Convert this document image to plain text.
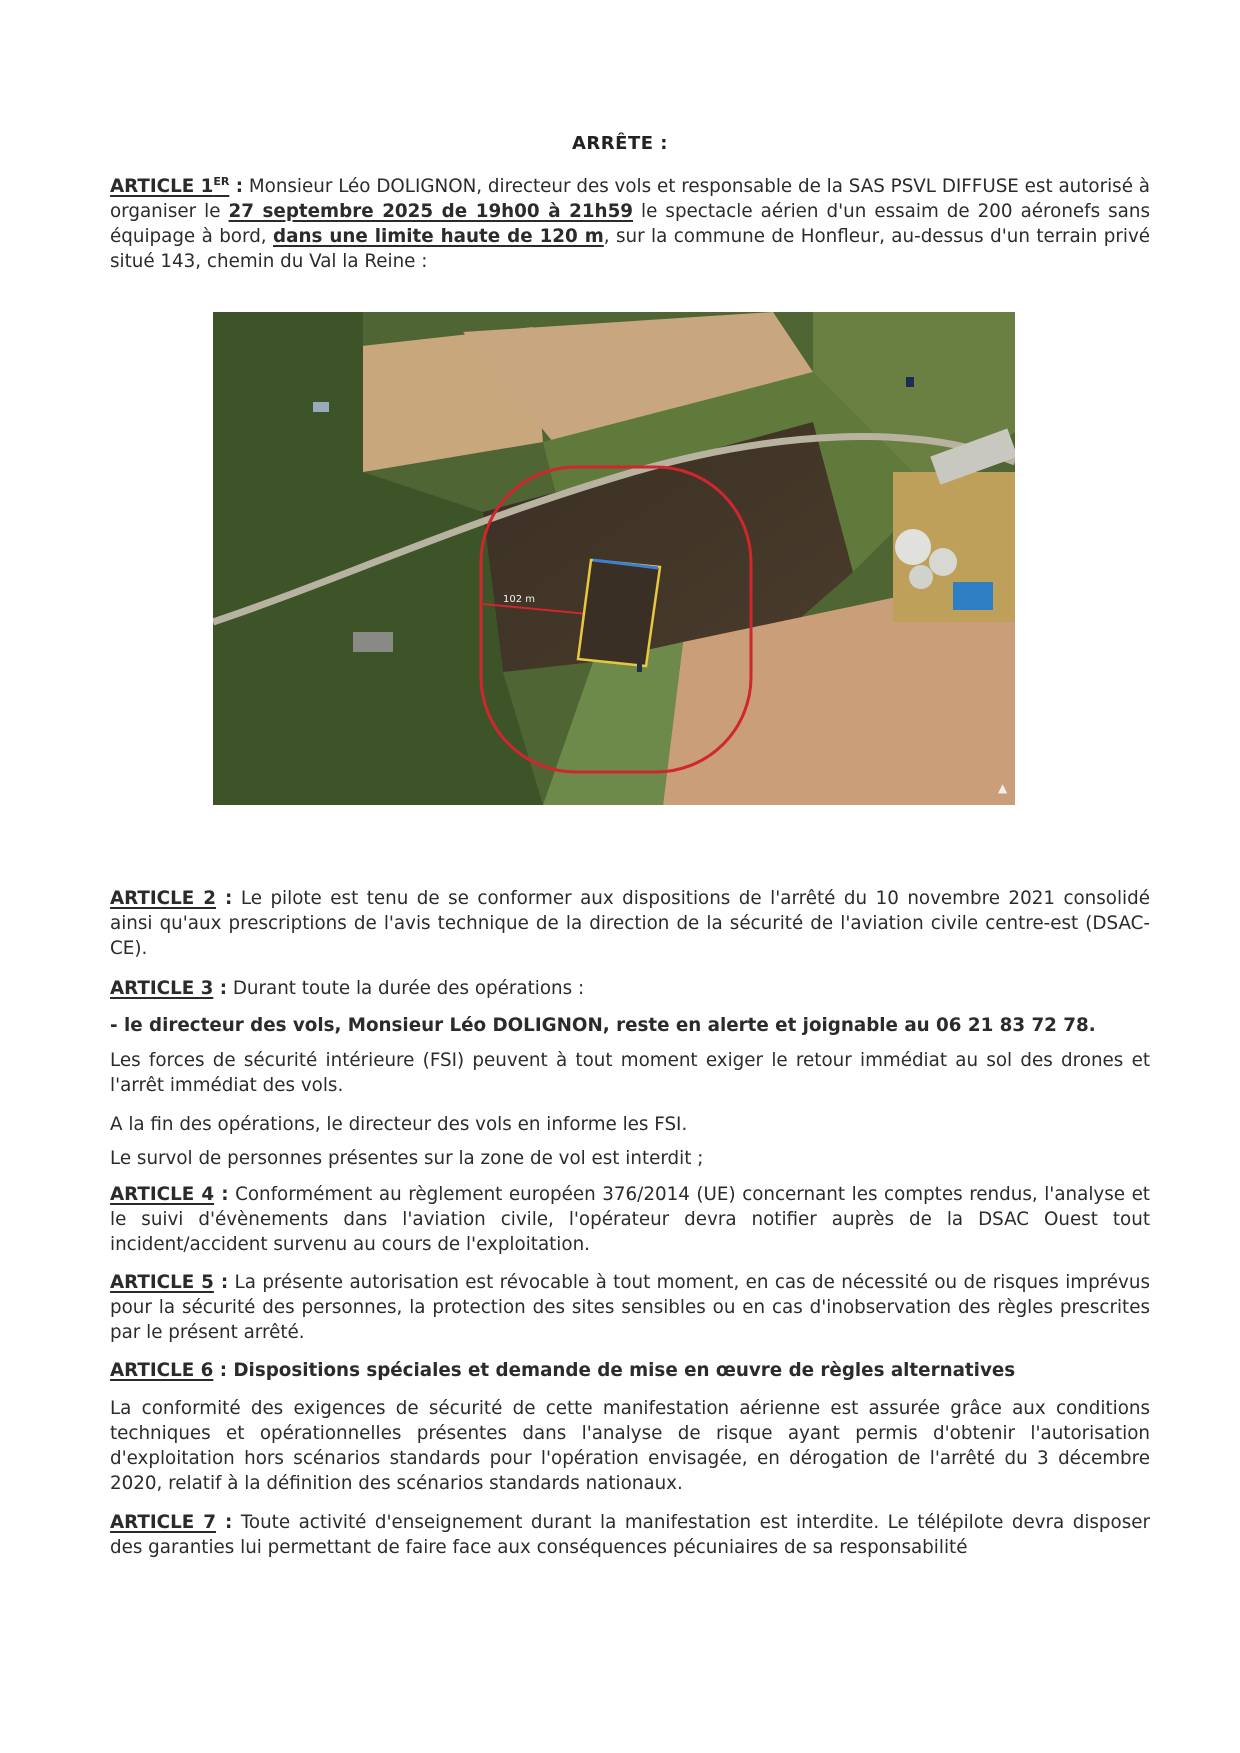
ARRÊTE :
ARTICLE 1ER : Monsieur Léo DOLIGNON, directeur des vols et responsable de la SAS PSVL DIFFUSE est autorisé à organiser le 27 septembre 2025 de 19h00 à 21h59 le spectacle aérien d'un essaim de 200 aéronefs sans équipage à bord, dans une limite haute de 120 m, sur la commune de Honfleur, au-dessus d'un terrain privé situé 143, chemin du Val la Reine :
102 m
▲
ARTICLE 2 : Le pilote est tenu de se conformer aux dispositions de l'arrêté du 10 novembre 2021 consolidé ainsi qu'aux prescriptions de l'avis technique de la direction de la sécurité de l'aviation civile centre-est (DSAC-CE).
ARTICLE 3 : Durant toute la durée des opérations :
- le directeur des vols, Monsieur Léo DOLIGNON, reste en alerte et joignable au 06 21 83 72 78.
Les forces de sécurité intérieure (FSI) peuvent à tout moment exiger le retour immédiat au sol des drones et l'arrêt immédiat des vols.
A la fin des opérations, le directeur des vols en informe les FSI.
Le survol de personnes présentes sur la zone de vol est interdit ;
ARTICLE 4 : Conformément au règlement européen 376/2014 (UE) concernant les comptes rendus, l'analyse et le suivi d'évènements dans l'aviation civile, l'opérateur devra notifier auprès de la DSAC Ouest tout incident/accident survenu au cours de l'exploitation.
ARTICLE 5 : La présente autorisation est révocable à tout moment, en cas de nécessité ou de risques imprévus pour la sécurité des personnes, la protection des sites sensibles ou en cas d'inobservation des règles prescrites par le présent arrêté.
ARTICLE 6 : Dispositions spéciales et demande de mise en œuvre de règles alternatives
La conformité des exigences de sécurité de cette manifestation aérienne est assurée grâce aux conditions techniques et opérationnelles présentes dans l'analyse de risque ayant permis d'obtenir l'autorisation d'exploitation hors scénarios standards pour l'opération envisagée, en dérogation de l'arrêté du 3 décembre 2020, relatif à la définition des scénarios standards nationaux.
ARTICLE 7 : Toute activité d'enseignement durant la manifestation est interdite. Le télépilote devra disposer des garanties lui permettant de faire face aux conséquences pécuniaires de sa responsabilité
